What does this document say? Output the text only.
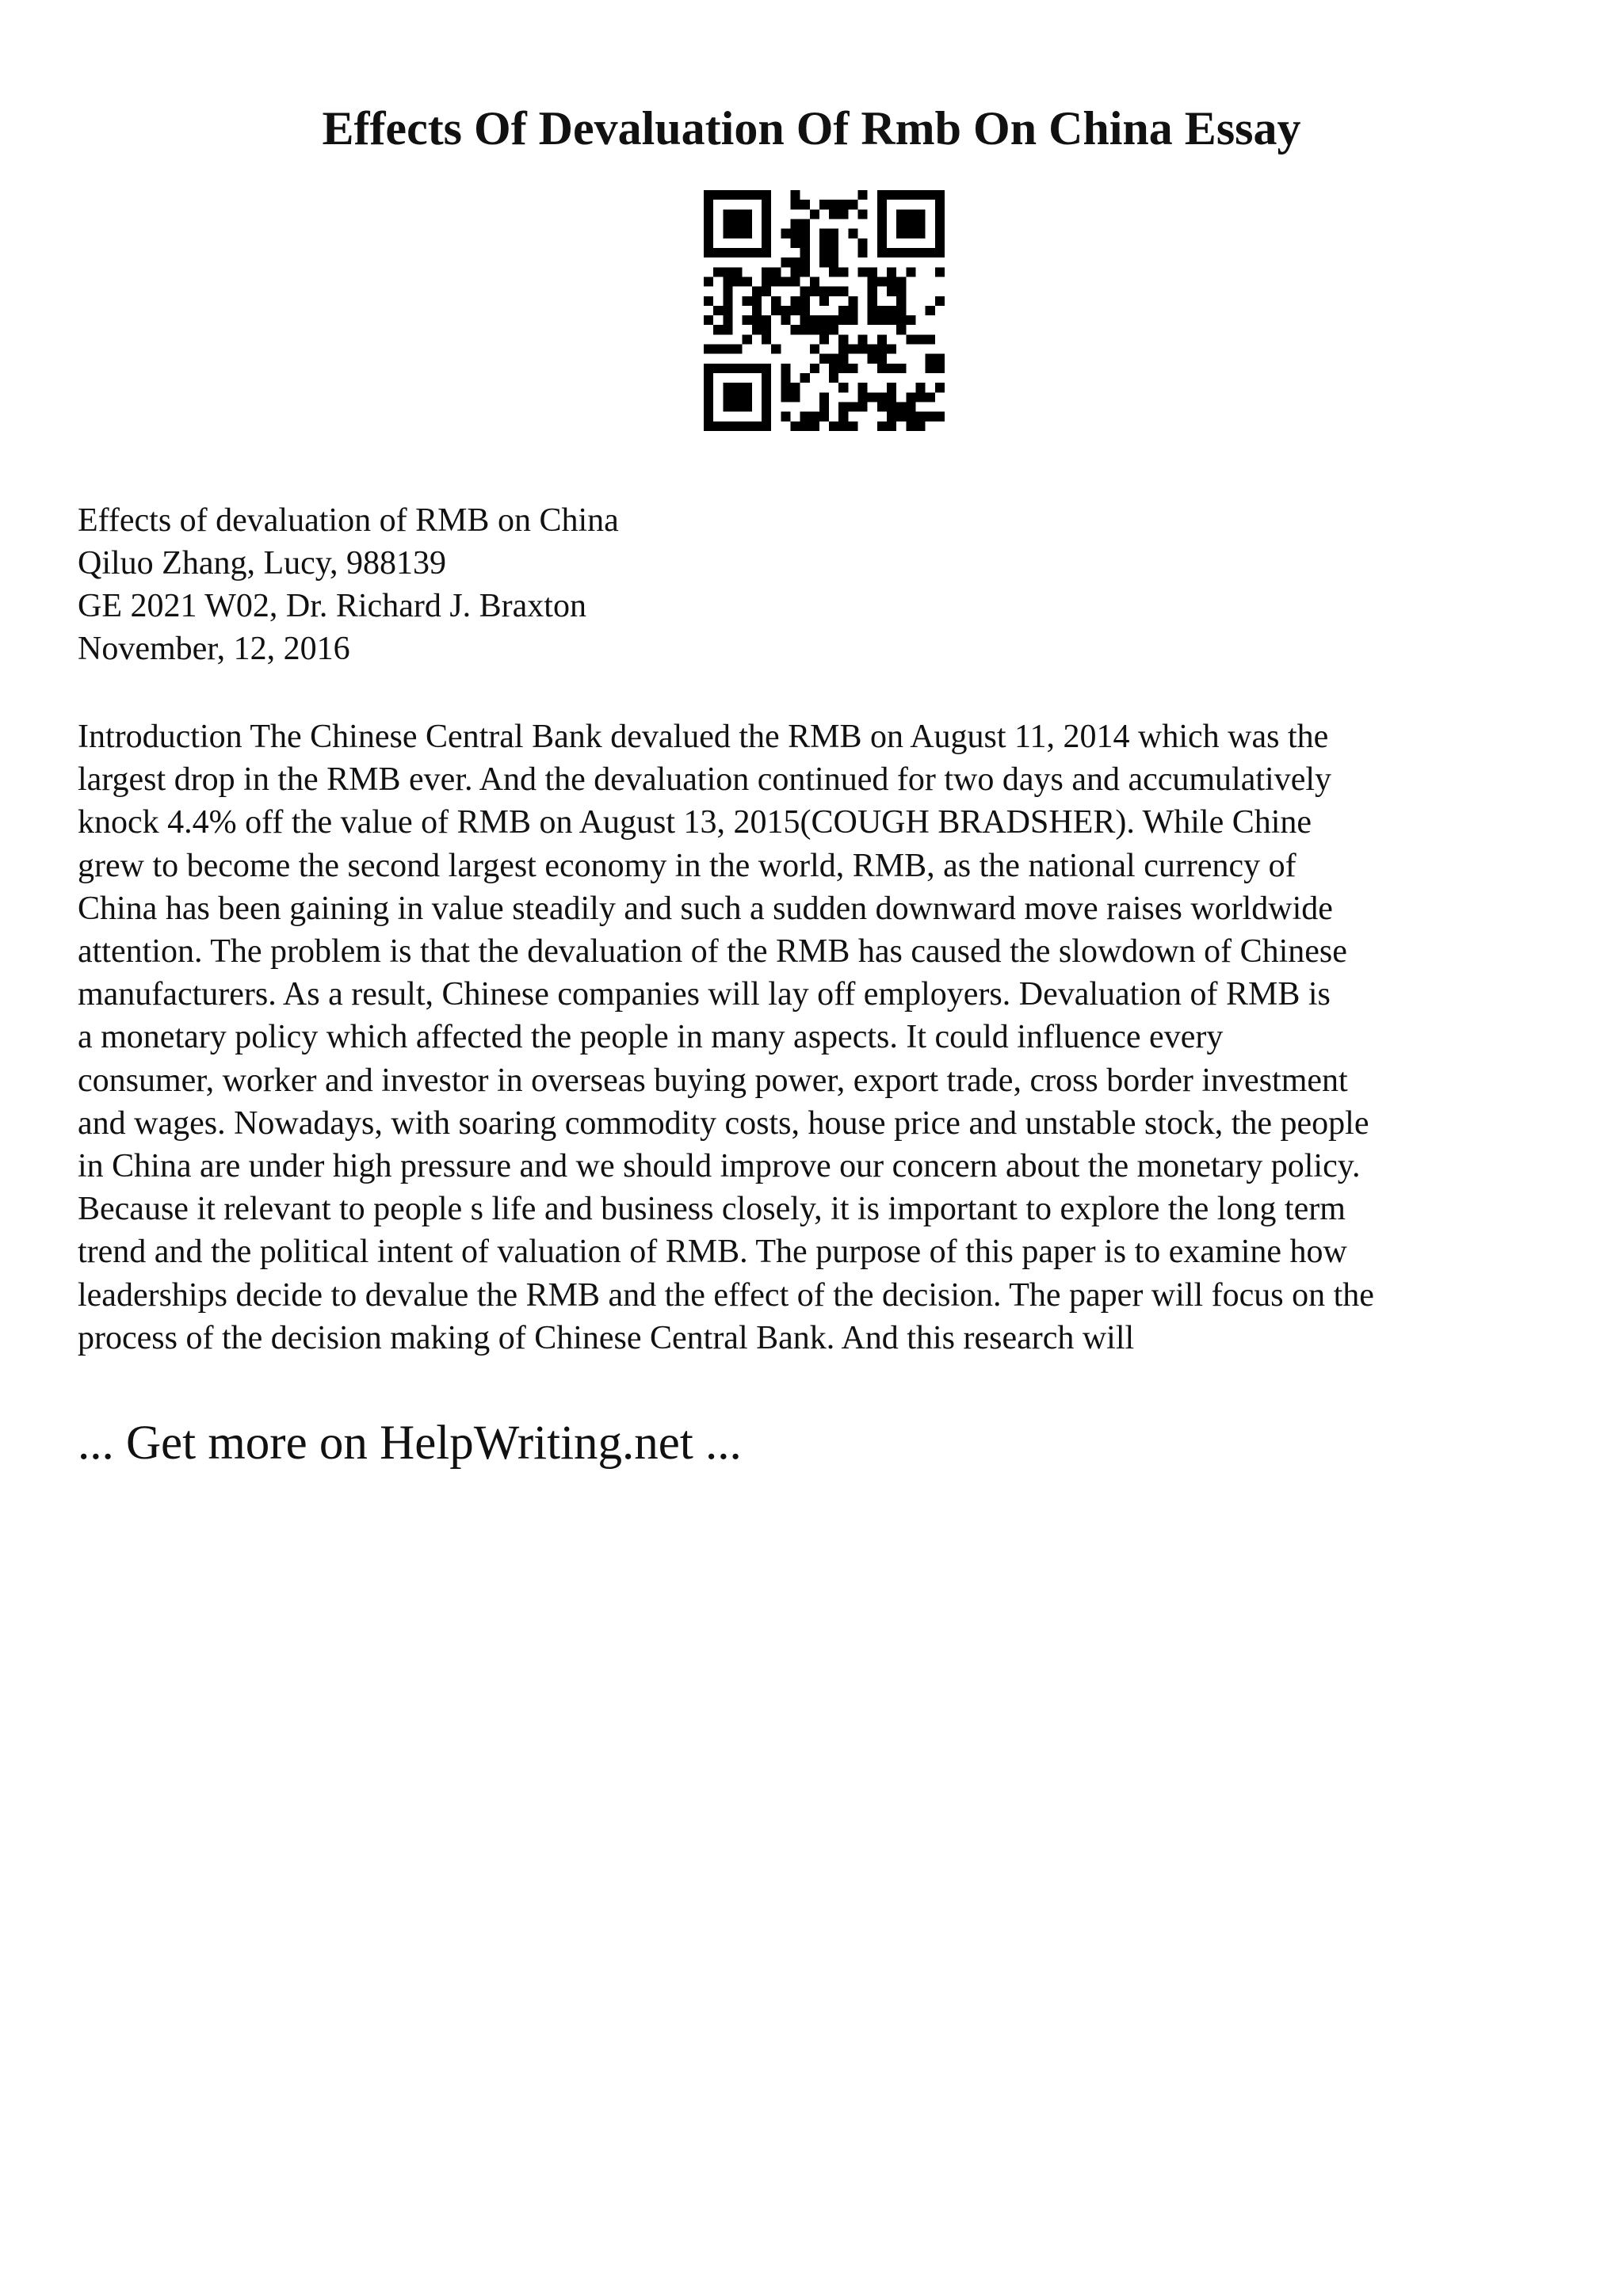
Effects Of Devaluation Of Rmb On China Essay
Effects of devaluation of RMB on China
Qiluo Zhang, Lucy, 988139
GE 2021 W02, Dr. Richard J. Braxton
November, 12, 2016
Introduction The Chinese Central Bank devalued the RMB on August 11, 2014 which was the
largest drop in the RMB ever. And the devaluation continued for two days and accumulatively
knock 4.4% off the value of RMB on August 13, 2015(COUGH BRADSHER). While Chine
grew to become the second largest economy in the world, RMB, as the national currency of
China has been gaining in value steadily and such a sudden downward move raises worldwide
attention. The problem is that the devaluation of the RMB has caused the slowdown of Chinese
manufacturers. As a result, Chinese companies will lay off employers. Devaluation of RMB is
a monetary policy which affected the people in many aspects. It could influence every
consumer, worker and investor in overseas buying power, export trade, cross border investment
and wages. Nowadays, with soaring commodity costs, house price and unstable stock, the people
in China are under high pressure and we should improve our concern about the monetary policy.
Because it relevant to people s life and business closely, it is important to explore the long term
trend and the political intent of valuation of RMB. The purpose of this paper is to examine how
leaderships decide to devalue the RMB and the effect of the decision. The paper will focus on the
process of the decision making of Chinese Central Bank. And this research will
... Get more on HelpWriting.net ...
